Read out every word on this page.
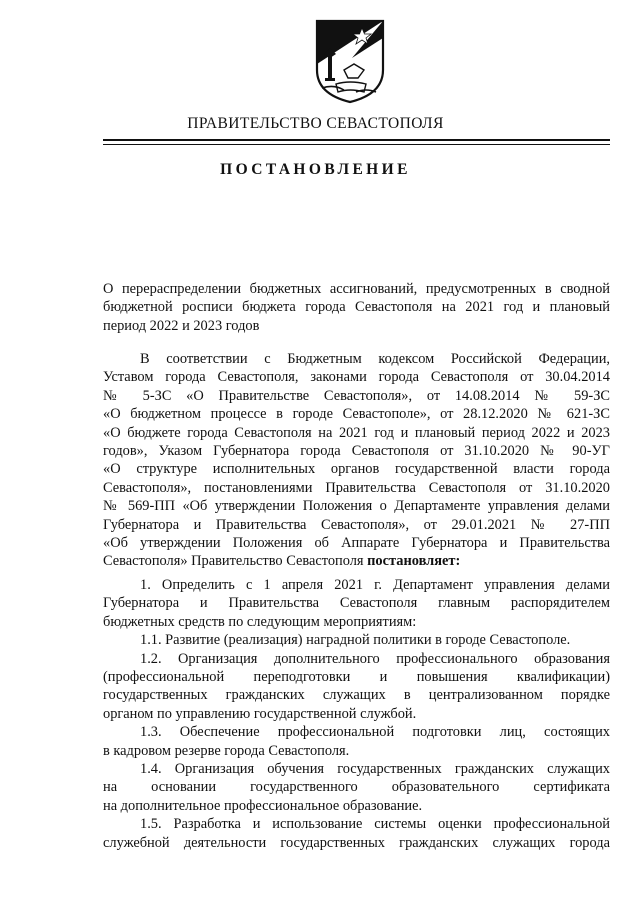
ПРАВИТЕЛЬСТВО СЕВАСТОПОЛЯ
ПОСТАНОВЛЕНИЕ
О перераспределении бюджетных ассигнований, предусмотренных в сводной
бюджетной росписи бюджета города Севастополя на 2021 год и плановый
период 2022 и 2023 годов
В соответствии с Бюджетным кодексом Российской Федерации,
Уставом города Севастополя, законами города Севастополя от 30.04.2014
№ 5-ЗС «О Правительстве Севастополя», от 14.08.2014 № 59-ЗС
«О бюджетном процессе в городе Севастополе», от 28.12.2020 № 621-ЗС
«О бюджете города Севастополя на 2021 год и плановый период 2022 и 2023
годов», Указом Губернатора города Севастополя от 31.10.2020 № 90-УГ
«О структуре исполнительных органов государственной власти города
Севастополя», постановлениями Правительства Севастополя от 31.10.2020
№ 569-ПП «Об утверждении Положения о Департаменте управления делами
Губернатора и Правительства Севастополя», от 29.01.2021 № 27-ПП
«Об утверждении Положения об Аппарате Губернатора и Правительства
Севастополя» Правительство Севастополя постановляет:
1. Определить с 1 апреля 2021 г. Департамент управления делами
Губернатора и Правительства Севастополя главным распорядителем
бюджетных средств по следующим мероприятиям:
1.1. Развитие (реализация) наградной политики в городе Севастополе.
1.2. Организация дополнительного профессионального образования
(профессиональной переподготовки и повышения квалификации)
государственных гражданских служащих в централизованном порядке
органом по управлению государственной службой.
1.3. Обеспечение профессиональной подготовки лиц, состоящих
в кадровом резерве города Севастополя.
1.4. Организация обучения государственных гражданских служащих
на основании государственного образовательного сертификата
на дополнительное профессиональное образование.
1.5. Разработка и использование системы оценки профессиональной
служебной деятельности государственных гражданских служащих города
